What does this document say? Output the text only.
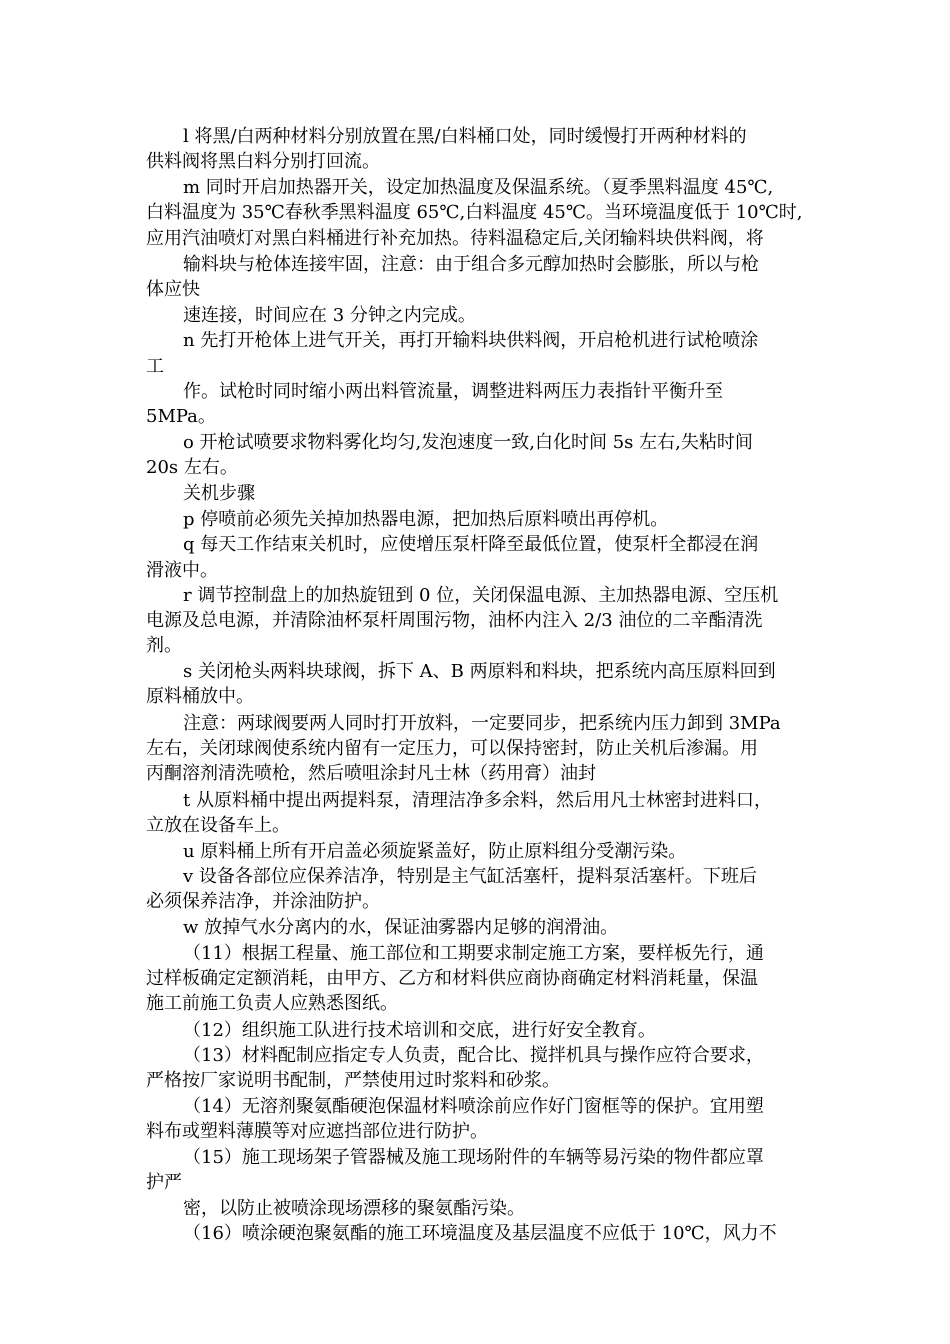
l 将黑/白两种材料分别放置在黑/白料桶口处，同时缓慢打开两种材料的

供料阀将黑白料分别打回流。

m 同时开启加热器开关，设定加热温度及保温系统。（夏季黑料温度 45℃,

白料温度为 35℃春秋季黑料温度 65℃,白料温度 45℃。当环境温度低于 10℃时,

应用汽油喷灯对黑白料桶进行补充加热。待料温稳定后,关闭输料块供料阀，将

输料块与枪体连接牢固，注意：由于组合多元醇加热时会膨胀，所以与枪

体应快

速连接，时间应在 3 分钟之内完成。

n 先打开枪体上进气开关，再打开输料块供料阀，开启枪机进行试枪喷涂

工

作。试枪时同时缩小两出料管流量，调整进料两压力表指针平衡升至

5MPa。

o 开枪试喷要求物料雾化均匀,发泡速度一致,白化时间 5s 左右,失粘时间

20s 左右。

关机步骤

p 停喷前必须先关掉加热器电源，把加热后原料喷出再停机。

q 每天工作结束关机时，应使增压泵杆降至最低位置，使泵杆全都浸在润

滑液中。

r 调节控制盘上的加热旋钮到 0 位，关闭保温电源、主加热器电源、空压机

电源及总电源，并清除油杯泵杆周围污物，油杯内注入 2/3 油位的二辛酯清洗

剂。

s 关闭枪头两料块球阀，拆下 A、B 两原料和料块，把系统内高压原料回到

原料桶放中。

注意：两球阀要两人同时打开放料，一定要同步，把系统内压力卸到 3MPa

左右，关闭球阀使系统内留有一定压力，可以保持密封，防止关机后渗漏。用

丙酮溶剂清洗喷枪，然后喷咀涂封凡士林（药用膏）油封

t 从原料桶中提出两提料泵，清理洁净多余料，然后用凡士林密封进料口，

立放在设备车上。

u 原料桶上所有开启盖必须旋紧盖好，防止原料组分受潮污染。

v 设备各部位应保养洁净，特别是主气缸活塞杆，提料泵活塞杆。下班后

必须保养洁净，并涂油防护。

w 放掉气水分离内的水，保证油雾器内足够的润滑油。

（11）根据工程量、施工部位和工期要求制定施工方案，要样板先行，通

过样板确定定额消耗，由甲方、乙方和材料供应商协商确定材料消耗量，保温

施工前施工负责人应熟悉图纸。

（12）组织施工队进行技术培训和交底，进行好安全教育。

（13）材料配制应指定专人负责，配合比、搅拌机具与操作应符合要求，

严格按厂家说明书配制，严禁使用过时浆料和砂浆。

（14）无溶剂聚氨酯硬泡保温材料喷涂前应作好门窗框等的保护。宜用塑

料布或塑料薄膜等对应遮挡部位进行防护。

（15）施工现场架子管器械及施工现场附件的车辆等易污染的物件都应罩

护严

密，以防止被喷涂现场漂移的聚氨酯污染。

（16）喷涂硬泡聚氨酯的施工环境温度及基层温度不应低于 10℃，风力不
